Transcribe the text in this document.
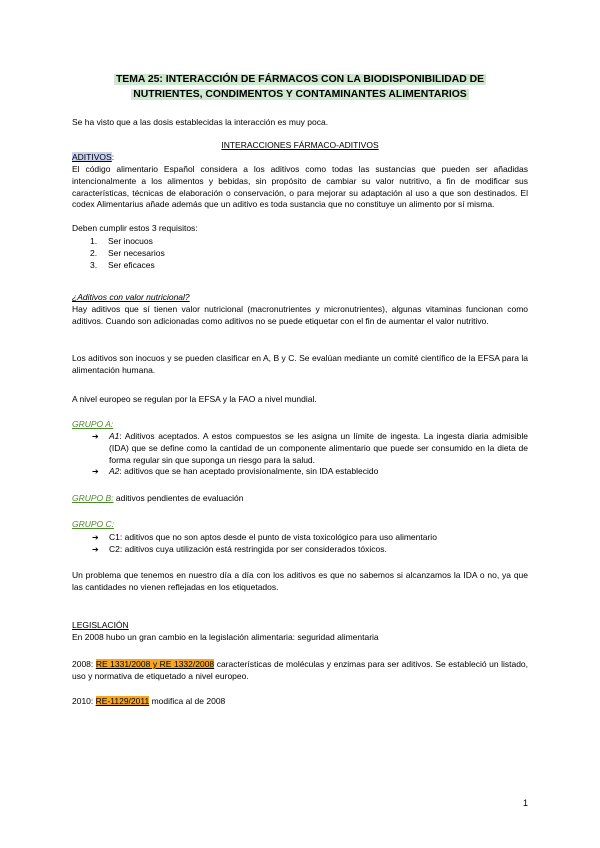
TEMA 25: INTERACCIÓN DE FÁRMACOS CON LA BIODISPONIBILIDAD DE
NUTRIENTES, CONDIMENTOS Y CONTAMINANTES ALIMENTARIOS
Se ha visto que a las dosis establecidas la interacción es muy poca.
INTERACCIONES FÁRMACO-ADITIVOS
ADITIVOS:
El código alimentario Español considera a los aditivos como todas las sustancias que pueden ser añadidas intencionalmente a los alimentos y bebidas, sin propósito de cambiar su valor nutritivo, a fin de modificar sus características, técnicas de elaboración o conservación, o para mejorar su adaptación al uso a que son destinados. El codex Alimentarius añade además que un aditivo es toda sustancia que no constituye un alimento por sí misma.
Deben cumplir estos 3 requisitos:
1.	Ser inocuos
2.	Ser necesarios
3.	Ser eficaces
¿Aditivos con valor nutricional?
Hay aditivos que sí tienen valor nutricional (macronutrientes y micronutrientes), algunas vitaminas funcionan como aditivos. Cuando son adicionadas como aditivos no se puede etiquetar con el fin de aumentar el valor nutritivo.
Los aditivos son inocuos y se pueden clasificar en A, B y C. Se evalúan mediante un comité científico de la EFSA para la alimentación humana.
A nivel europeo se regulan por la EFSA y la FAO a nivel mundial.
GRUPO A:
➔	A1: Aditivos aceptados. A estos compuestos se les asigna un límite de ingesta. La ingesta diaria admisible (IDA) que se define como la cantidad de un componente alimentario que puede ser consumido en la dieta de forma regular sin que suponga un riesgo para la salud.
➔	A2: aditivos que se han aceptado provisionalmente, sin IDA establecido
GRUPO B: aditivos pendientes de evaluación
GRUPO C:
➔	C1: aditivos que no son aptos desde el punto de vista toxicológico para uso alimentario
➔	C2: aditivos cuya utilización está restringida por ser considerados tóxicos.
Un problema que tenemos en nuestro día a día con los aditivos es que no sabemos si alcanzamos la IDA o no, ya que las cantidades no vienen reflejadas en los etiquetados.
LEGISLACIÓN
En 2008 hubo un gran cambio en la legislación alimentaria: seguridad alimentaria
2008: RE 1331/2008 y RE 1332/2008 características de moléculas y enzimas para ser aditivos. Se estableció un listado, uso y normativa de etiquetado a nivel europeo.
2010: RE-1129/2011 modifica al de 2008
1
